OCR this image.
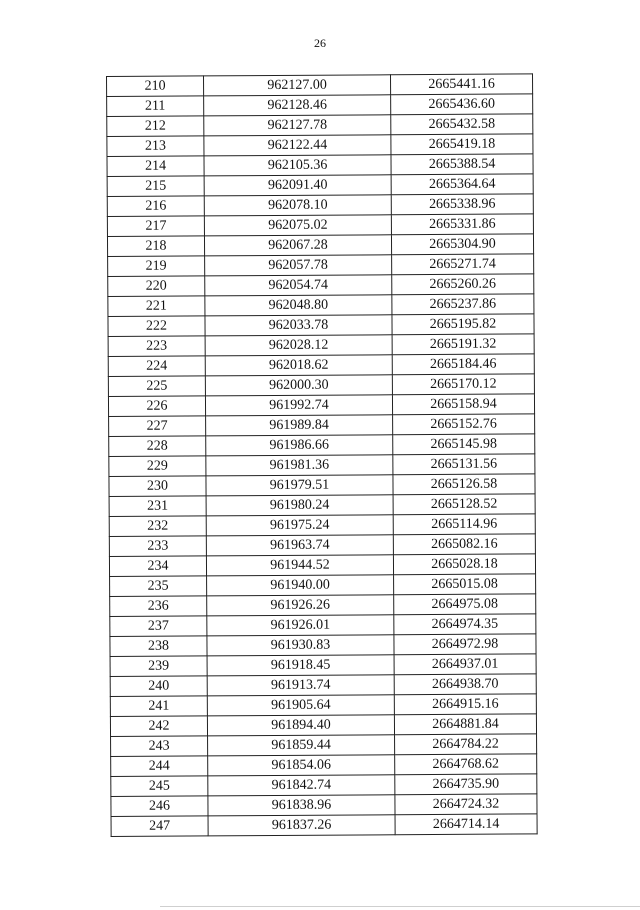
26
210	962127.00	2665441.16
211	962128.46	2665436.60
212	962127.78	2665432.58
213	962122.44	2665419.18
214	962105.36	2665388.54
215	962091.40	2665364.64
216	962078.10	2665338.96
217	962075.02	2665331.86
218	962067.28	2665304.90
219	962057.78	2665271.74
220	962054.74	2665260.26
221	962048.80	2665237.86
222	962033.78	2665195.82
223	962028.12	2665191.32
224	962018.62	2665184.46
225	962000.30	2665170.12
226	961992.74	2665158.94
227	961989.84	2665152.76
228	961986.66	2665145.98
229	961981.36	2665131.56
230	961979.51	2665126.58
231	961980.24	2665128.52
232	961975.24	2665114.96
233	961963.74	2665082.16
234	961944.52	2665028.18
235	961940.00	2665015.08
236	961926.26	2664975.08
237	961926.01	2664974.35
238	961930.83	2664972.98
239	961918.45	2664937.01
240	961913.74	2664938.70
241	961905.64	2664915.16
242	961894.40	2664881.84
243	961859.44	2664784.22
244	961854.06	2664768.62
245	961842.74	2664735.90
246	961838.96	2664724.32
247	961837.26	2664714.14
